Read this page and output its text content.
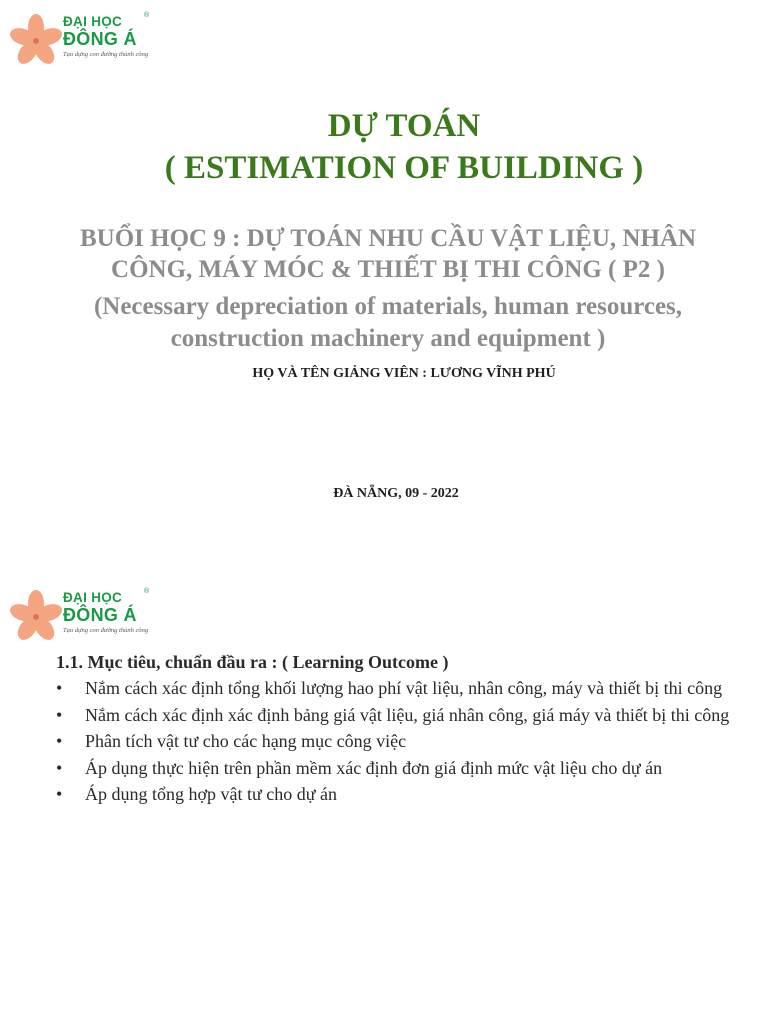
ĐẠI HỌC	®
ĐÔNG Á
Tạo dựng con đường thành công
DỰ TOÁN
( ESTIMATION OF BUILDING )
BUỔI HỌC 9 : DỰ TOÁN NHU CẦU VẬT LIỆU, NHÂN CÔNG, MÁY MÓC & THIẾT BỊ THI CÔNG ( P2 )
(Necessary depreciation of materials, human resources, construction machinery and equipment )
HỌ VÀ TÊN GIẢNG VIÊN : LƯƠNG VĨNH PHÚ
ĐÀ NẴNG, 09 - 2022
ĐẠI HỌC	®
ĐÔNG Á
Tạo dựng con đường thành công
1.1. Mục tiêu, chuẩn đầu ra : ( Learning Outcome )
• Nắm cách xác định tổng khối lượng hao phí vật liệu, nhân công, máy và thiết bị thi công
• Nắm cách xác định xác định bảng giá vật liệu, giá nhân công, giá máy và thiết bị thi công
• Phân tích vật tư cho các hạng mục công việc
• Áp dụng thực hiện trên phần mềm xác định đơn giá định mức vật liệu cho dự án
• Áp dụng tổng hợp vật tư cho dự án
